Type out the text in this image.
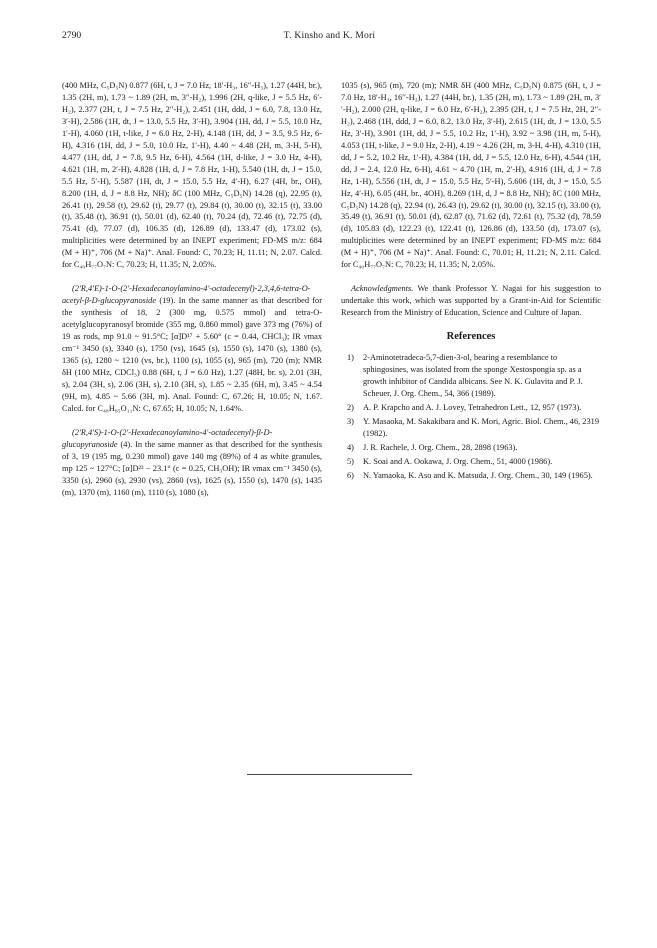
2790	T. Kinsho and K. Mori

(400 MHz, C₅D₅N) 0.877 (6H, t, J = 7.0 Hz, 18′-H₃, 16′′-H₃), 1.27 (44H, br.), 1.35 (2H, m), 1.73 ~ 1.89 (2H, m, 3′′-H₂), 1.996 (2H, q-like, J = 5.5 Hz, 6′-H₂), 2.377 (2H, t, J = 7.5 Hz, 2′′-H₂), 2.451 (1H, ddd, J = 6.0, 7.8, 13.0 Hz, 3′-H), 2.586 (1H, dt, J = 13.0, 5.5 Hz, 3′-H), 3.904 (1H, dd, J = 5.5, 10.0 Hz, 1′-H), 4.060 (1H, t-like, J = 6.0 Hz, 2-H), 4.148 (1H, dd, J = 3.5, 9.5 Hz, 6-H), 4.316 (1H, dd, J = 5.0, 10.0 Hz, 1′-H), 4.40 ~ 4.48 (2H, m, 3-H, 5-H), 4.477 (1H, dd, J = 7.8, 9.5 Hz, 6-H), 4.564 (1H, d-like, J = 3.0 Hz, 4-H), 4.621 (1H, m, 2′-H), 4.828 (1H, d, J = 7.8 Hz, 1-H), 5.540 (1H, dt, J = 15.0, 5.5 Hz, 5′-H), 5.587 (1H, dt, J = 15.0, 5.5 Hz, 4′-H), 6.27 (4H, br., OH), 8.200 (1H, d, J = 8.8 Hz, NH); δC (100 MHz, C₅D₅N) 14.28 (q), 22.95 (t), 26.41 (t), 29.58 (t), 29.62 (t), 29.77 (t), 29.84 (t), 30.00 (t), 32.15 (t), 33.00 (t), 35.48 (t), 36.91 (t), 50.01 (d), 62.40 (t), 70.24 (d), 72.46 (t), 72.75 (d), 75.41 (d), 77.07 (d), 106.35 (d), 126.89 (d), 133.47 (d), 173.02 (s), multiplicities were determined by an INEPT experiment; FD-MS m/z: 684 (M + H)⁺, 706 (M + Na)⁺. Anal. Found: C, 70.23; H, 11.11; N, 2.07. Calcd. for C₄₀H₇₇O₇N: C, 70.23; H, 11.35; N, 2.05%.

(2′R,4′E)-1-O-(2′-Hexadecanoylamino-4′-octadecenyl)-2,3,4,6-tetra-O-acetyl-β-D-glucopyranoside (19). In the same manner as that described for the synthesis of 18, 2 (300 mg, 0.575 mmol) and tetra-O-acetylglucopyranosyl bromide (355 mg, 0.860 mmol) gave 373 mg (76%) of 19 as rods, mp 91.0 ~ 91.5°C; [α]D¹⁷ + 5.60° (c = 0.44, CHCl₃); IR νmax cm⁻¹ 3450 (s), 3340 (s), 1750 (vs), 1645 (s), 1550 (s), 1470 (s), 1380 (s), 1365 (s), 1280 ~ 1210 (vs, br.), 1100 (s), 1055 (s), 965 (m), 720 (m); NMR δH (100 MHz, CDCl₃) 0.88 (6H, t, J = 6.0 Hz), 1.27 (48H, br. s), 2.01 (3H, s), 2.04 (3H, s), 2.06 (3H, s), 2.10 (3H, s), 1.85 ~ 2.35 (6H, m), 3.45 ~ 4.54 (9H, m), 4.85 ~ 5.66 (3H, m). Anal. Found: C, 67.26; H, 10.05; N, 1.67. Calcd. for C₄₈H₈₅O₁₁N: C, 67.65; H, 10.05; N, 1.64%.

(2′R,4′S)-1-O-(2′-Hexadecanoylamino-4′-octadecenyl)-β-D-glucopyranoside (4). In the same manner as that described for the synthesis of 3, 19 (195 mg, 0.230 mmol) gave 140 mg (89%) of 4 as white granules, mp 125 ~ 127°C; [α]D²³ − 23.1° (c = 0.25, CH₃OH); IR νmax cm⁻¹ 3450 (s), 3350 (s), 2960 (s), 2930 (vs), 2860 (vs), 1625 (s), 1550 (s), 1470 (s), 1435 (m), 1370 (m), 1160 (m), 1110 (s), 1080 (s),

1035 (s), 965 (m), 720 (m); NMR δH (400 MHz, C₅D₅N) 0.875 (6H, t, J = 7.0 Hz, 18′-H₃, 16′′-H₃), 1.27 (44H, br.), 1.35 (2H, m), 1.73 ~ 1.89 (2H, m, 3′′-H₂), 2.000 (2H, q-like, J = 6.0 Hz, 6′-H₂), 2.395 (2H, t, J = 7.5 Hz, 2H, 2′′-H₂), 2.468 (1H, ddd, J = 6.0, 8.2, 13.0 Hz, 3′-H), 2.615 (1H, dt, J = 13.0, 5.5 Hz, 3′-H), 3.901 (1H, dd, J = 5.5, 10.2 Hz, 1′-H), 3.92 ~ 3.98 (1H, m, 5-H), 4.053 (1H, t-like, J = 9.0 Hz, 2-H), 4.19 ~ 4.26 (2H, m, 3-H, 4-H), 4.310 (1H, dd, J = 5.2, 10.2 Hz, 1′-H), 4.384 (1H, dd, J = 5.5, 12.0 Hz, 6-H), 4.544 (1H, dd, J = 2.4, 12.0 Hz, 6-H), 4.61 ~ 4.70 (1H, m, 2′-H), 4.916 (1H, d, J = 7.8 Hz, 1-H), 5.556 (1H, dt, J = 15.0, 5.5 Hz, 5′-H), 5.606 (1H, dt, J = 15.0, 5.5 Hz, 4′-H), 6.05 (4H, br., 4OH), 8.269 (1H, d, J = 8.8 Hz, NH); δC (100 MHz, C₅D₅N) 14.28 (q), 22.94 (t), 26.43 (t), 29.62 (t), 30.00 (t), 32.15 (t), 33.00 (t), 35.49 (t), 36.91 (t), 50.01 (d), 62.87 (t), 71.62 (d), 72.61 (t), 75.32 (d), 78.59 (d), 105.83 (d), 122.23 (t), 122.41 (t), 126.86 (d), 133.50 (d), 173.07 (s), multiplicities were determined by an INEPT experiment; FD-MS m/z: 684 (M + H)⁺, 706 (M + Na)⁺. Anal. Found: C, 70.01; H, 11.21; N, 2.11. Calcd. for C₄₀H₇₇O₇N: C, 70.23; H, 11.35; N, 2.05%.

Acknowledgments. We thank Professor Y. Nagai for his suggestion to undertake this work, which was supported by a Grant-in-Aid for Scientific Research from the Ministry of Education, Science and Culture of Japan.

References
1) 2-Aminotetradeca-5,7-dien-3-ol, bearing a resemblance to sphingosines, was isolated from the sponge Xestospongia sp. as a growth inhibitor of Candida albicans. See N. K. Gulavita and P. J. Scheuer, J. Org. Chem., 54, 366 (1989).
2) A. P. Krapcho and A. J. Lovey, Tetrahedron Lett., 12, 957 (1973).
3) Y. Masaoka, M. Sakakibara and K. Mori, Agric. Biol. Chem., 46, 2319 (1982).
4) J. R. Rachele, J. Org. Chem., 28, 2898 (1963).
5) K. Soai and A. Ookawa, J. Org. Chem., 51, 4000 (1986).
6) N. Yamaoka, K. Aso and K. Matsuda, J. Org. Chem., 30, 149 (1965).
